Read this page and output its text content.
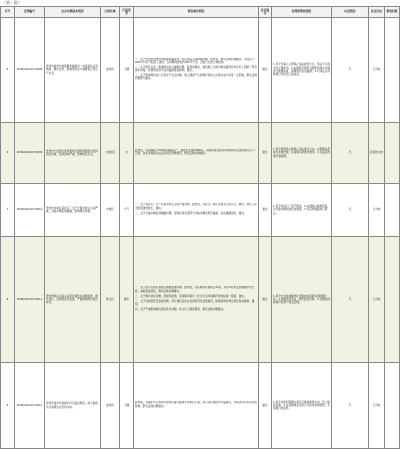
（第一批）
序号	受理编号	交办问题基本情况	行政区域	污染类型	调查核实情况	是否属实	处理和整改情况	问责情况	是否办结	整改时限
5	DOSKA2021070008	贵州市盘州市柏果镇老屋基村一村民建房占用耕地，破坏农田，影响周边农户灌溉和正常生产生活。	盘州市	土壤	一、关于贵州市盘州市柏果镇老屋基村一村民建房占用耕地问题。经核查，群众反映问题属实。该村民于2021年3月开始动工建房，占用耕地面积约300平方米，目前已完成主体结构。

二、关于破坏农田，影响周边农户灌溉问题。经现场调查，建房施工过程中堆放建筑材料及弃土阻断了原有排水沟渠，致使周边部分农田灌溉受到影响，属实。

三、关于影响周边农户正常生产生活问题。施工期间产生的噪声和扬尘对周边农户造成一定影响，群众反映问题部分属实。	属实	1.责令当事人立即停止违法建设行为，依法下达责令改正通知书。2.由镇政府组织对阻断的排水沟渠进行疏通恢复，保障周边农田灌溉。3.对违法占用耕地行为依法立案查处。	无	已办结	
6	DOSKA2021070009	贵州市六枝特区某养殖场长期将养殖废水直排附近河道，周边臭味严重，影响居民生活。	六枝特区	水	经核查，该养殖场于2018年建成投产，现存栏生猪约800头。现场检查发现该养殖场粪污处理设施运行不正常，存在养殖废水溢流至附近沟渠情况，群众反映问题属实。	属实	1.责令养殖场立即停止违法排污行为。2.限期完善粪污处理设施，实现粪污资源化利用。3.对溢流沟渠开展清理。	无	阶段性办结	
7	DOSKA2021070010	贵州市水城区某砂石厂生产过程中粉尘污染严重，运输车辆沿途撒漏，影响周边环境。	水城区	大气	一、关于某砂石厂生产过程中粉尘污染严重问题。经核查，该砂石厂除尘设施未正常运行，破碎、筛分工序无组织排放粉尘，属实。

二、关于运输车辆沿途撒漏问题。现场检查发现部分运输车辆未规范覆盖，存在撒漏现象，属实。	属实	1.责令该砂石厂停产整改。2.完善除尘喷淋设施，对运输车辆加装密闭装置。3.对沿途道路进行清扫。	无	已办结	
8	DOSKA2021070011	贵州市钟山区某小区附近餐饮店油烟直排，噪声扰民，夜间经营至凌晨，严重影响周边居民休息。	钟山区	噪声	一、关于某小区附近餐饮店油烟直排问题。经核查，该区域共有餐饮店12家，其中3家未安装油烟净化设施，油烟直接排放，群众反映问题属实。

二、关于噪声扰民问题。经现场监测，夜间噪声超过《社会生活环境噪声排放标准》限值，属实。

三、关于夜间经营至凌晨问题。部分餐饮店存在夜间经营至凌晨情况，顾客喧哗对周边居民造成影响，属实。

四、关于严重影响周边居民休息问题。综合以上调查情况，群众反映问题属实。	属实	1.责令未安装油烟净化设施的3家餐饮店限期安装。2.加强夜间巡查，规范经营时间。3.对超标排放噪声的商户依法处理。	无	已办结	
9	DOSKA2021070012	贵州市盘州市某煤矿矸石随意堆放，雨天淋溶水污染周边农田和水体。	盘州市	土壤	经核查，该煤矿矸石堆场未按规范建设截排水沟和挡土墙，雨天存在淋溶水外溢情况，对周边部分农田造成影响，群众反映问题属实。	属实	1.责令该煤矿限期完善矸石堆场截排水沟、挡土墙等设施。2.对受影响农田进行评估并协商赔偿。3.加强日常监管。	无	已办结	
